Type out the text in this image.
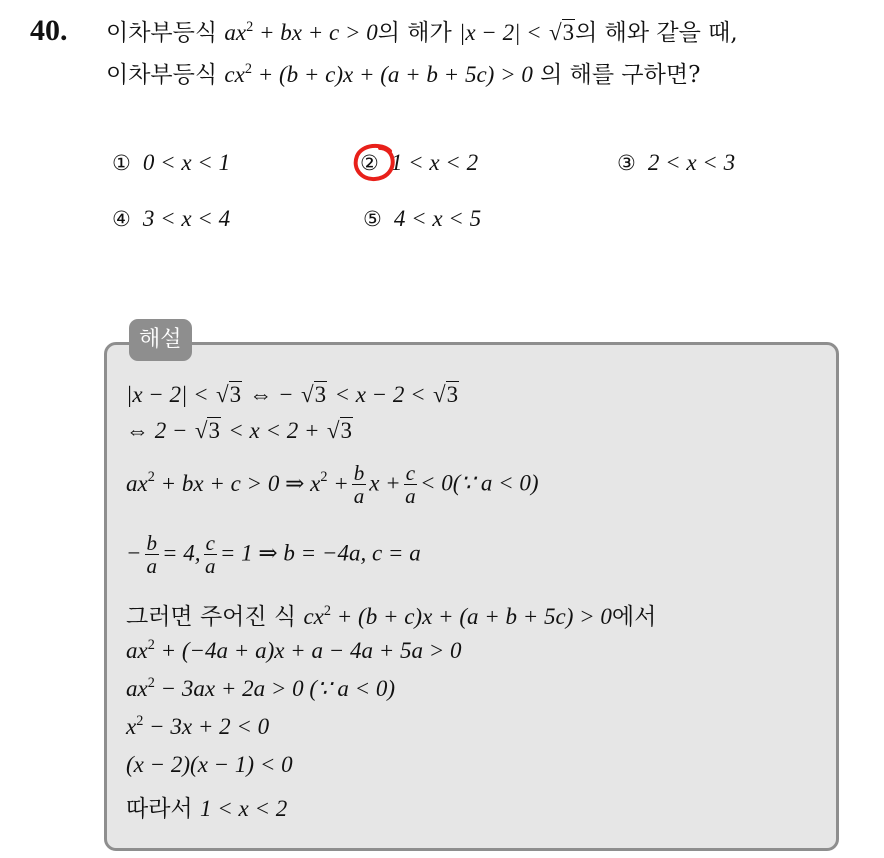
40. 이차부등식 $ax^2$ + bx + c > 0의 해가 |x − 2| < √3의 해와 같을 때,
이차부등식 $cx^2 + (b + c)x + (a + b + 5c) > 0$ 의 해를 구하면?
① 0 < x < 1	② 1 < x < 2	③ 2 < x < 3
④ 3 < x < 4	⑤ 4 < x < 5
해설
|x − 2| < √3 ⇔ − √3 < x − 2 < √3
⇔ 2 − √3 < x < 2 + √3
$ax^2$ + bx + c > 0 ⇒ $x^2 + \frac{b}{a}$ $x + \frac{c}{a}$ < 0(∵ a < 0)
− $\frac{b}{a} = 4$, $\frac{c}{a} = 1$ ⇒ b = −4a, c = a
그러면 주어진 식 $cx^2 + (b + c)x + (a + b + 5c) > 0$에서
$ax^2 + (-4a + a)x + a - 4a + 5a > 0$
$ax^2 - 3ax + 2a > 0$ (∵ a < 0)
$x^2 - 3x + 2 < 0$
(x − 2)(x − 1) < 0
따라서 1 < x < 2
